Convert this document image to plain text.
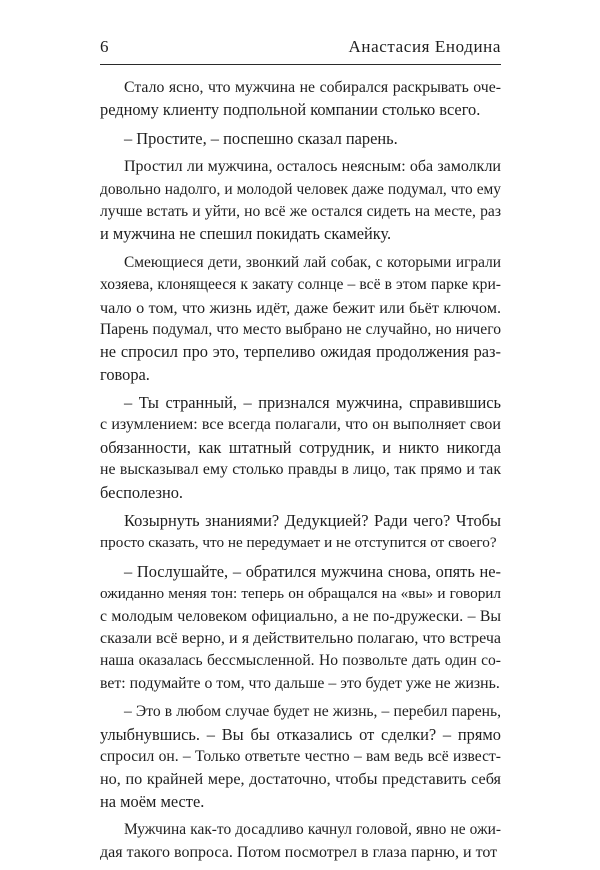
6	Анастасия Енодина
Стало ясно, что мужчина не собирался раскрывать оче-
редному клиенту подпольной компании столько всего.
– Простите, – поспешно сказал парень.
Простил ли мужчина, осталось неясным: оба замолкли
довольно надолго, и молодой человек даже подумал, что ему
лучше встать и уйти, но всё же остался сидеть на месте, раз
и мужчина не спешил покидать скамейку.
Смеющиеся дети, звонкий лай собак, с которыми играли
хозяева, клонящееся к закату солнце – всё в этом парке кри-
чало о том, что жизнь идёт, даже бежит или бьёт ключом.
Парень подумал, что место выбрано не случайно, но ничего
не спросил про это, терпеливо ожидая продолжения раз-
говора.
– Ты странный, – признался мужчина, справившись
с изумлением: все всегда полагали, что он выполняет свои
обязанности, как штатный сотрудник, и никто никогда
не высказывал ему столько правды в лицо, так прямо и так
бесполезно.
Козырнуть знаниями? Дедукцией? Ради чего? Чтобы
просто сказать, что не передумает и не отступится от своего?
– Послушайте, – обратился мужчина снова, опять не-
ожиданно меняя тон: теперь он обращался на «вы» и говорил
с молодым человеком официально, а не по-дружески. – Вы
сказали всё верно, и я действительно полагаю, что встреча
наша оказалась бессмысленной. Но позвольте дать один со-
вет: подумайте о том, что дальше – это будет уже не жизнь.
– Это в любом случае будет не жизнь, – перебил парень,
улыбнувшись. – Вы бы отказались от сделки? – прямо
спросил он. – Только ответьте честно – вам ведь всё извест-
но, по крайней мере, достаточно, чтобы представить себя
на моём месте.
Мужчина как-то досадливо качнул головой, явно не ожи-
дая такого вопроса. Потом посмотрел в глаза парню, и тот
